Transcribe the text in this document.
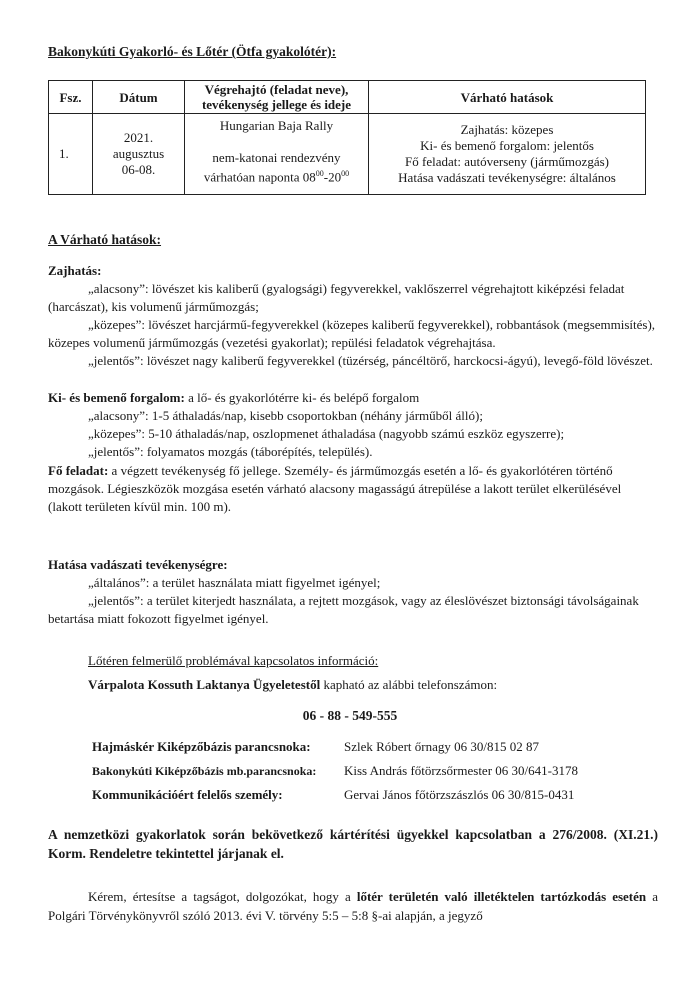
Bakonykúti Gyakorló- és Lőtér (Ötfa gyakolótér):
Fsz.	Dátum	Végrehajtó (feladat neve),
tevékenység jellege és ideje	Várható hatások
1.	2021.
augusztus
06-08.	Hungarian Baja Rally

nem-katonai rendezvény
várhatóan naponta $08^{00}-20^{00}$	Zajhatás: közepes
Ki- és bemenő forgalom: jelentős
Fő feladat: autóverseny (járműmozgás)
Hatása vadászati tevékenységre: általános
A Várható hatások:

Zajhatás:

„alacsony”: lövészet kis kaliberű (gyalogsági) fegyverekkel, vaklőszerrel végrehajtott kiképzési feladat (harcászat), kis volumenű járműmozgás;

„közepes”: lövészet harcjármű-fegyverekkel (közepes kaliberű fegyverekkel), robbantások (megsemmisítés), közepes volumenű járműmozgás (vezetési gyakorlat); repülési feladatok végrehajtása.

„jelentős”: lövészet nagy kaliberű fegyverekkel (tüzérség, páncéltörő, harckocsi-ágyú), levegő-föld lövészet.

Ki- és bemenő forgalom: a lő- és gyakorlótérre ki- és belépő forgalom

„alacsony”: 1-5 áthaladás/nap, kisebb csoportokban (néhány járműből álló);

„közepes”: 5-10 áthaladás/nap, oszlopmenet áthaladása (nagyobb számú eszköz egyszerre);

„jelentős”: folyamatos mozgás (táborépítés, település).

Fő feladat: a végzett tevékenység fő jellege. Személy- és járműmozgás esetén a lő- és gyakorlótéren történő mozgások. Légieszközök mozgása esetén várható alacsony magasságú átrepülése a lakott terület elkerülésével (lakott területen kívül min. 100 m).

Hatása vadászati tevékenységre:

„általános”: a terület használata miatt figyelmet igényel;

„jelentős”: a terület kiterjedt használata, a rejtett mozgások, vagy az éleslövészet biztonsági távolságainak betartása miatt fokozott figyelmet igényel.

Lőtéren felmerülő problémával kapcsolatos információ:
Várpalota Kossuth Laktanya Ügyeletestől kapható az alábbi telefonszámon:
06 - 88 - 549-555
Hajmáskér Kiképzőbázis parancsnoka:	Szlek Róbert őrnagy 06 30/815 02 87
Bakonykúti Kiképzőbázis mb.parancsnoka: Kiss András főtörzsőrmester 06 30/641-3178
Kommunikációért felelős személy:	Gervai János főtörzszászlós 06 30/815-0431
A nemzetközi gyakorlatok során bekövetkező kártérítési ügyekkel kapcsolatban a 276/2008. (XI.21.) Korm. Rendeletre tekintettel járjanak el.

Kérem, értesítse a tagságot, dolgozókat, hogy a lőtér területén való illetéktelen tartózkodás esetén a Polgári Törvénykönyvről szóló 2013. évi V. törvény 5:5 – 5:8 §-ai alapján, a jegyző
